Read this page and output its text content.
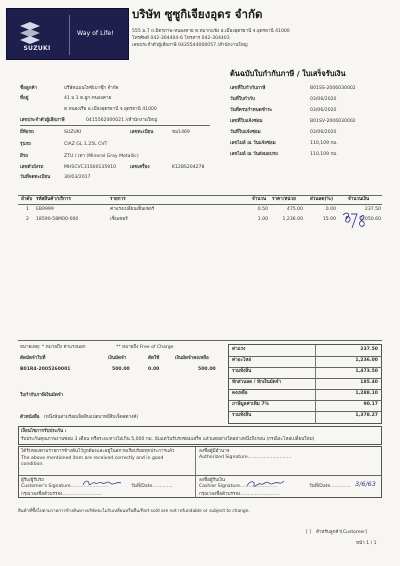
SUZUKI
Way of Life!
บริษัท ซูซูกิเจียงอุดร จำกัด
555 ม.7 ถ.มิตรภาพ-หนองคาย ต.หมากแข้ง อ.เมืองอุดรธานี จ.อุดรธานี 41000
โทรศัพท์ 042-304404-6 โทรสาร 042-304403
เลขประจำตัวผู้เสียภาษี 0435544000057 /สำนักงานใหญ่
ต้นฉบับใบกำกับภาษี / ใบเสร็จรับเงิน
ชื่อลูกค้า	บริษัทแมนไทซ์เบาชุ๊ก จำกัด
ที่อยู่	41 ม.1 ต.ผูก-หนองคาย
ต.หนองเรือ อ.เมืองอุดรธานี จ.อุดรธานี 41000
เลขประจำตัวผู้เสียภาษี	0415562000021 //สำนักงานใหญ่
ยี่ห้อรถ	SUZUKI	เลขทะเบียน	ขม1469
รุ่นรถ	CIAZ GL 1.25L CVT
สีรถ	ZTU / เทา (Mineral Gray Metallic)
เลขตัวถังรถ	MHSCVC31S00135910	เลขเครื่อง	K12BS204278
วันที่จดทะเบียน	30/03/2017
เลขที่ใบกำกับภาษี	B01SS-2006030002
วันที่ใบกำกับ	03/06/2020
วันที่ครบกำหนดชำระ	03/06/2020
เลขที่ใบแจ้งซ่อม	B01SV-2006030002
วันที่ใบแจ้งซ่อม	03/06/2020
เลขไมล์ ณ วันแจ้งซ่อม	110,109 กม.
เลขไมล์ ณ วันส่งมอบรถ	110,109 กม.
ลำดับ รหัสสินค้า/บริการ	รายการ	จำนวน ราคา/หน่วย	ส่วนลด(%)	จำนวนเงิน
1 EB9999	ค่าแรงเปลี่ยนเซ็นเซอร์	0.50	475.00	0.00	237.50
2 18590-58M00-000	เซ็นเซอร์	1.00	1,236.00	15.00	1,050.60
หมายเหตุ: * หมายถึง ค่าแรงนอก	** หมายถึง Free of Charge
ตัดมัดจำใบที่	เงินมัดจำ	ตัดใช้	เงินมัดจำคงเหลือ
B01R4-2005260001	500.00	0.00	500.00
ใบกำกับภาษีเงินมัดจำ
ตัวหนังสือ (หนึ่งพันสามร้อยเจ็ดสิบแปดบาทยี่สิบเจ็ดสตางค์)
ค่าแรง	237.50
ค่าอะไหล่	1,236.00
รวมทั้งสิ้น	1,473.50
หักส่วนลด / หักเงินมัดจำ	185.40
คงเหลือ	1,288.10
ภาษีมูลค่าเพิ่ม 7%	90.17
รวมทั้งสิ้น	1,378.27
เงื่อนไขการรับประกัน :
รับประกันคุณภาพงานซ่อม 3 เดือน หรือระยะทางไม่เกิน 5,000 กม. นับแต่วันรับรถซ่อมเสร็จ แล้วแต่อย่างใดอย่างหนึ่งถึงก่อน (กรณีอะไหล่เปลี่ยนใหม่)
ได้รับของตามรายการข้างต้นไว้ถูกต้องและอยู่ในสภาพเรียบร้อยทุกประการแล้ว
The above mentioned item are received correctly and in good
condition.
ลงชื่อผู้มีอำนาจ
Authorized Signature..............................
ผู้รับ/ผู้รับรถ
Customer's Signature..........................	วันที่/Date..............
กรุณาลงชื่อตัวบรรจง...........................
ลงชื่อผู้รับเงิน
Cashier Signature..........................	วันที่/Date..............
กรุณาลงชื่อตัวบรรจง...........................
3/6/63
สินค้าที่ซื้อไปตามรายการข้างต้นทางบริษัทจะไม่รับเปลี่ยนหรือคืน/Part sold are not refundable or subject to change.
[ ] สำหรับลูกค้า[Customer]
หน้า 1 / 1
